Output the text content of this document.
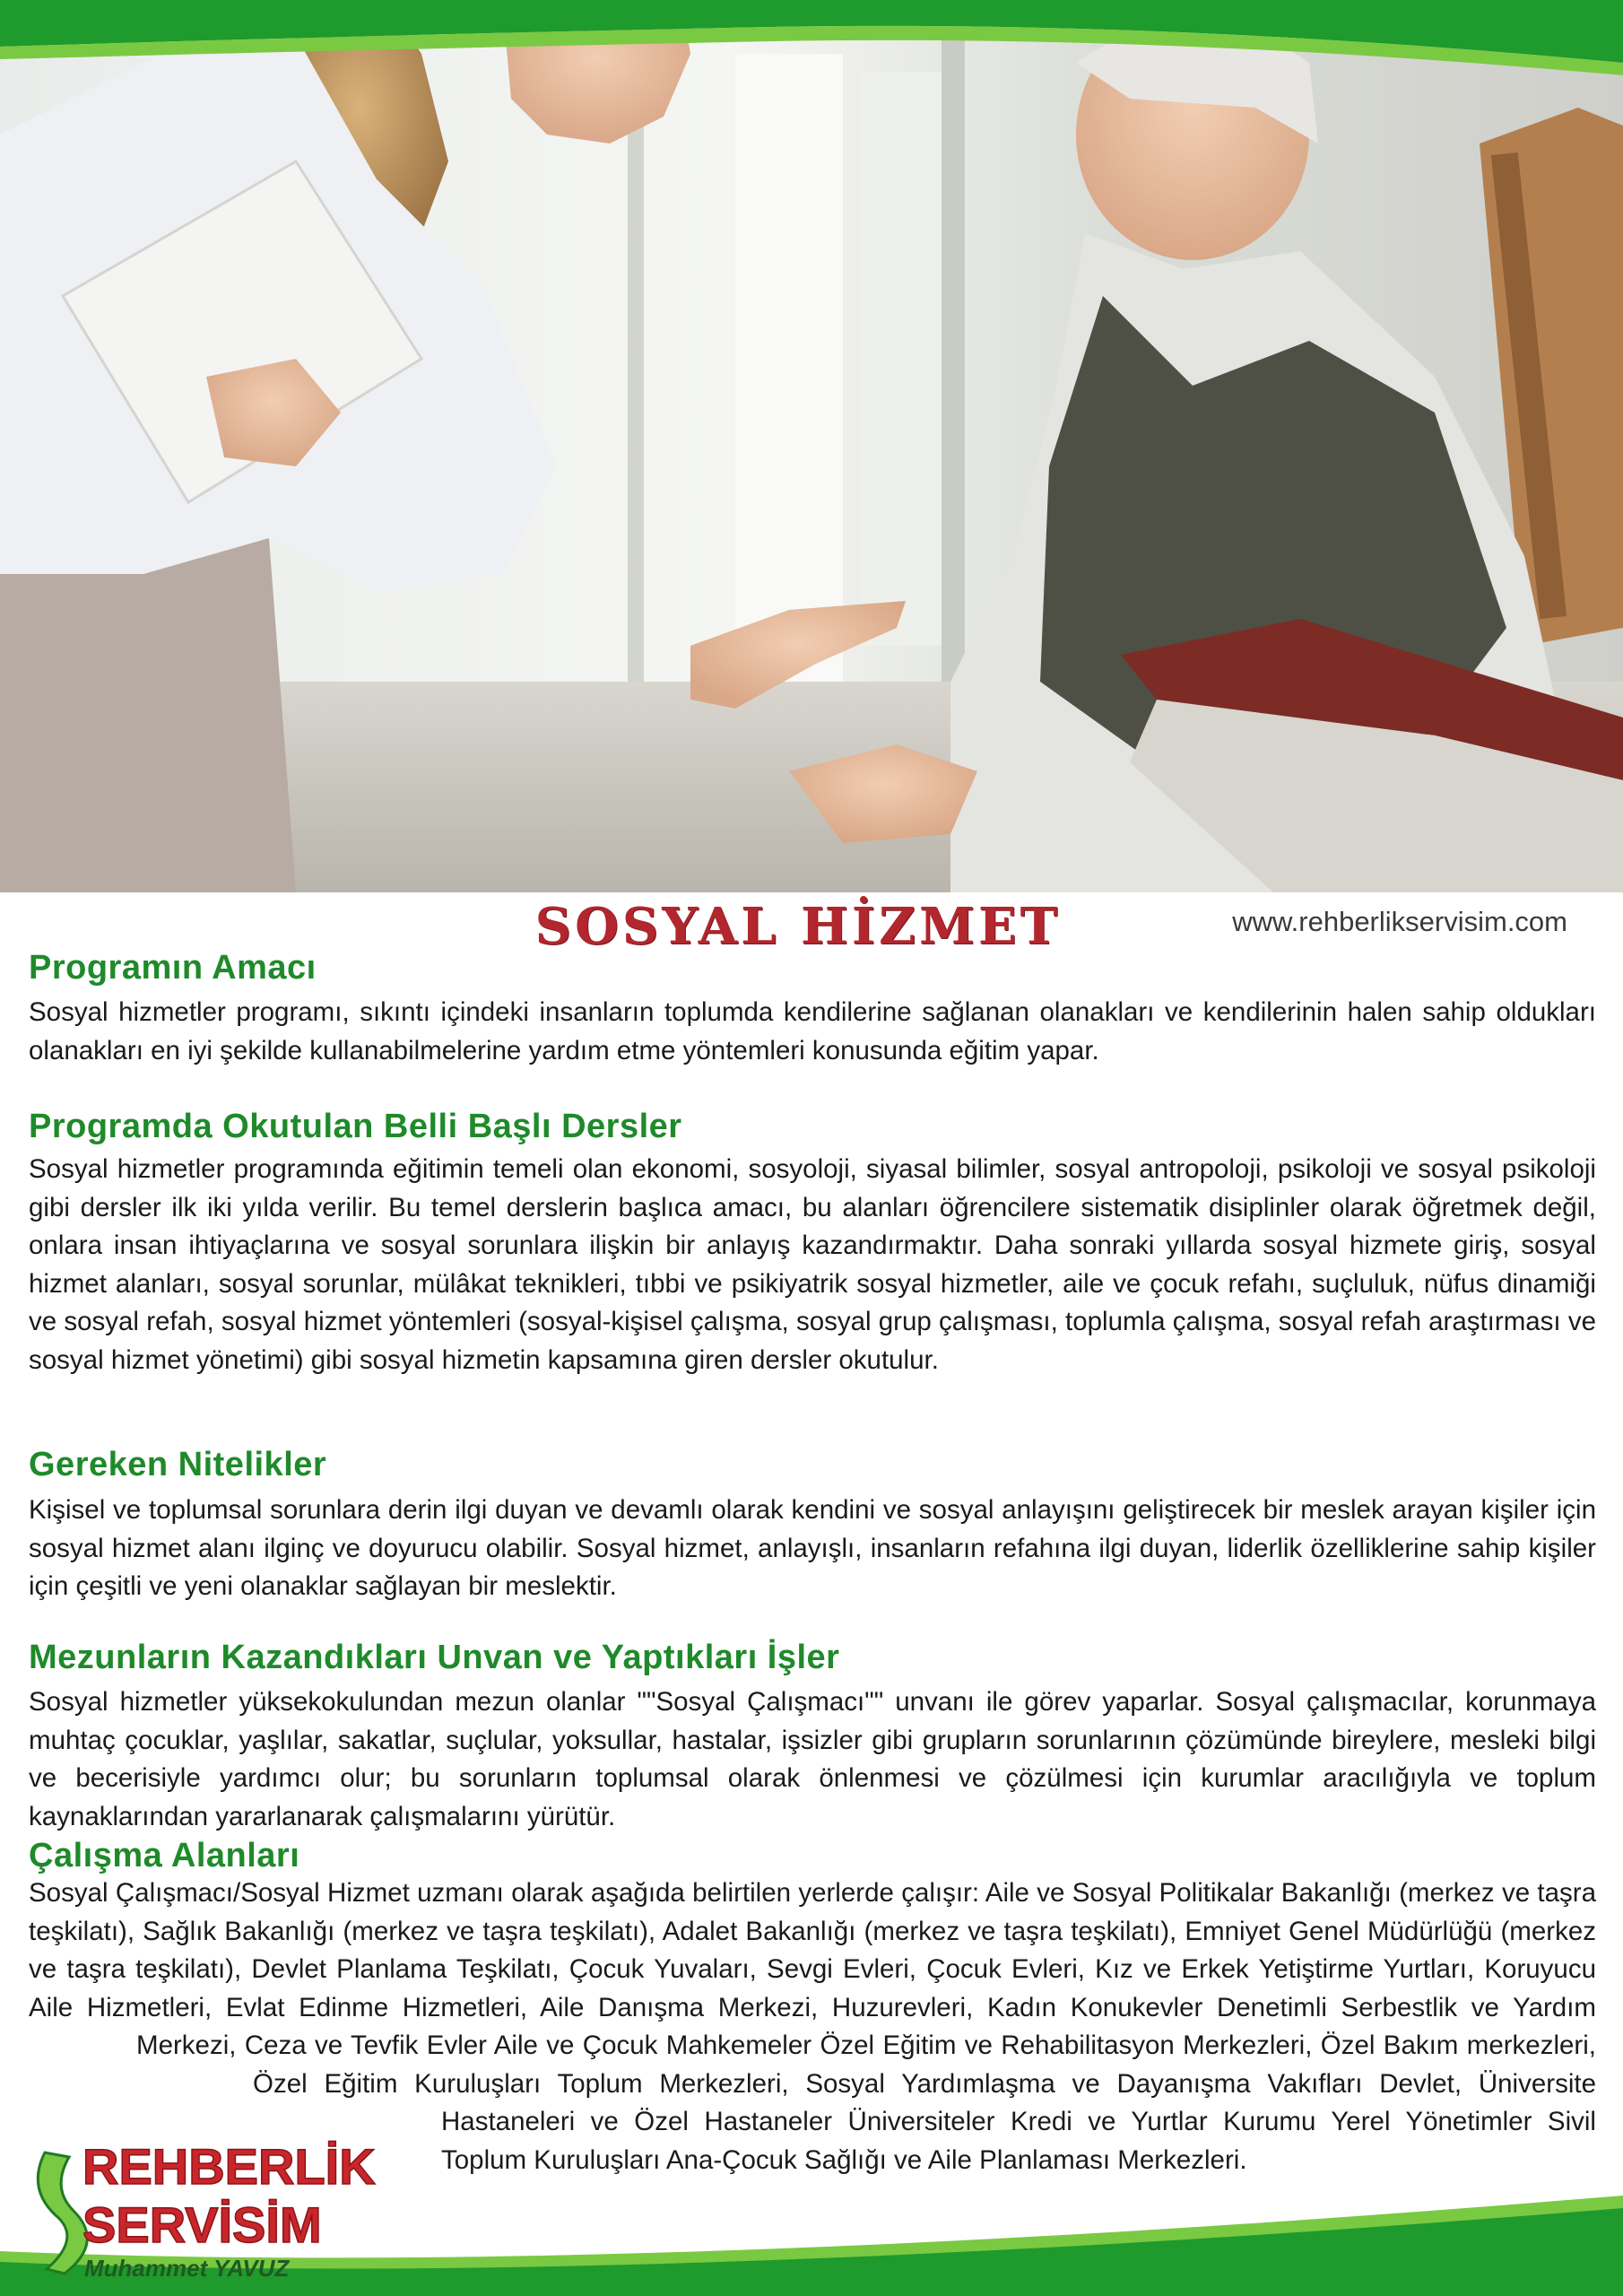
SOSYAL HİZMET	www.rehberlikservisim.com
Programın Amacı

Sosyal hizmetler programı, sıkıntı içindeki insanların toplumda kendilerine sağlanan olanakları ve kendilerinin halen sahip oldukları olanakları en iyi şekilde kullanabilmelerine yardım etme yöntemleri konusunda eğitim yapar.

Programda Okutulan Belli Başlı Dersler

Sosyal hizmetler programında eğitimin temeli olan ekonomi, sosyoloji, siyasal bilimler, sosyal antropoloji, psikoloji ve sosyal psikoloji gibi dersler ilk iki yılda verilir. Bu temel derslerin başlıca amacı, bu alanları öğrencilere sistematik disiplinler olarak öğretmek değil, onlara insan ihtiyaçlarına ve sosyal sorunlara ilişkin bir anlayış kazandırmaktır. Daha sonraki yıllarda sosyal hizmete giriş, sosyal hizmet alanları, sosyal sorunlar, mülâkat teknikleri, tıbbi ve psikiyatrik sosyal hizmetler, aile ve çocuk refahı, suçluluk, nüfus dinamiği ve sosyal refah, sosyal hizmet yöntemleri (sosyal-kişisel çalışma, sosyal grup çalışması, toplumla çalışma, sosyal refah araştırması ve sosyal hizmet yönetimi) gibi sosyal hizmetin kapsamına giren dersler okutulur.

Gereken Nitelikler

Kişisel ve toplumsal sorunlara derin ilgi duyan ve devamlı olarak kendini ve sosyal anlayışını geliştirecek bir meslek arayan kişiler için sosyal hizmet alanı ilginç ve doyurucu olabilir. Sosyal hizmet, anlayışlı, insanların refahına ilgi duyan, liderlik özelliklerine sahip kişiler için çeşitli ve yeni olanaklar sağlayan bir meslektir.

Mezunların Kazandıkları Unvan ve Yaptıkları İşler

Sosyal hizmetler yüksekokulundan mezun olanlar ""Sosyal Çalışmacı"" unvanı ile görev yaparlar. Sosyal çalışmacılar, korunmaya muhtaç çocuklar, yaşlılar, sakatlar, suçlular, yoksullar, hastalar, işsizler gibi grupların sorunlarının çözümünde bireylere, mesleki bilgi ve becerisiyle yardımcı olur; bu sorunların toplumsal olarak önlenmesi ve çözülmesi için kurumlar aracılığıyla ve toplum kaynaklarından yararlanarak çalışmalarını yürütür.

Çalışma Alanları

Sosyal Çalışmacı/Sosyal Hizmet uzmanı olarak aşağıda belirtilen yerlerde çalışır: Aile ve Sosyal Politikalar Bakanlığı (merkez ve taşra teşkilatı), Sağlık Bakanlığı (merkez ve taşra teşkilatı), Adalet Bakanlığı (merkez ve taşra teşkilatı), Emniyet Genel Müdürlüğü (merkez ve taşra teşkilatı), Devlet Planlama Teşkilatı, Çocuk Yuvaları, Sevgi Evleri, Çocuk Evleri, Kız ve Erkek Yetiştirme Yurtları, Koruyucu Aile Hizmetleri, Evlat Edinme Hizmetleri, Aile Danışma Merkezi, Huzurevleri, Kadın Konukevler Denetimli Serbestlik ve Yardım Merkezi, Ceza ve Tevfik Evler Aile ve Çocuk Mahkemeler Özel Eğitim ve Rehabilitasyon Merkezleri, Özel Bakım merkezleri, Özel Eğitim Kuruluşları Toplum Merkezleri, Sosyal Yardımlaşma ve Dayanışma Vakıfları Devlet, Üniversite Hastaneleri ve Özel Hastaneler Üniversiteler Kredi ve Yurtlar Kurumu Yerel Yönetimler Sivil Toplum Kuruluşları Ana-Çocuk Sağlığı ve Aile Planlaması Merkezleri.

REHBERLİK
SERVİSİM
Muhammet YAVUZ
